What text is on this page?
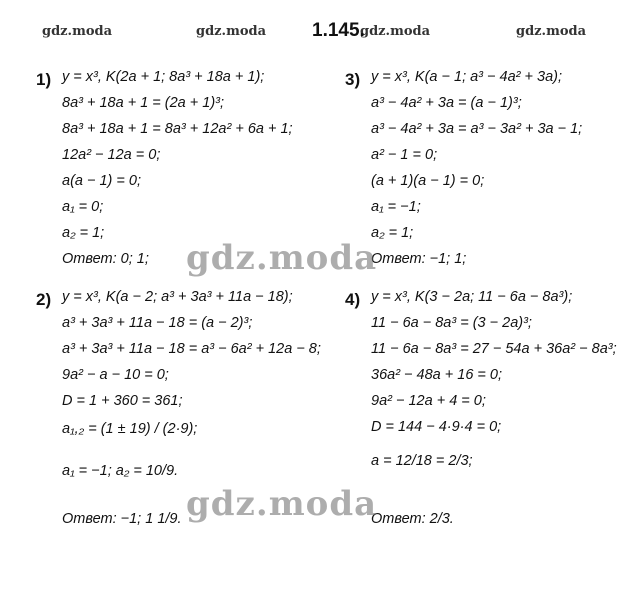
gdz.moda	gdz.moda	gdz.moda	gdz.moda
1.145.
1) y = x³, K(2a + 1; 8a³ + 18a + 1);
8a³ + 18a + 1 = (2a + 1)³;
8a³ + 18a + 1 = 8a³ + 12a² + 6a + 1;
12a² − 12a = 0;
a(a − 1) = 0;
a₁ = 0;
a₂ = 1;
Ответ: 0; 1;
3) y = x³, K(a − 1; a³ − 4a² + 3a);
a³ − 4a² + 3a = (a − 1)³;
a³ − 4a² + 3a = a³ − 3a² + 3a − 1;
a² − 1 = 0;
(a + 1)(a − 1) = 0;
a₁ = −1;
a₂ = 1;
Ответ: −1; 1;
2) y = x³, K(a − 2; a³ + 3a³ + 11a − 18);
a³ + 3a³ + 11a − 18 = (a − 2)³;
a³ + 3a³ + 11a − 18 = a³ − 6a² + 12a − 8;
9a² − a − 10 = 0;
D = 1 + 360 = 361;
a₁,₂ = (1 ± 19) / (2·9);
a₁ = −1; a₂ = 10/9.
Ответ: −1; 1 1/9.
4) y = x³, K(3 − 2a; 11 − 6a − 8a³);
11 − 6a − 8a³ = (3 − 2a)³;
11 − 6a − 8a³ = 27 − 54a + 36a² − 8a³;
36a² − 48a + 16 = 0;
9a² − 12a + 4 = 0;
D = 144 − 4·9·4 = 0;
a = 12/18 = 2/3;
Ответ: 2/3.
gdz.moda
gdz.moda
